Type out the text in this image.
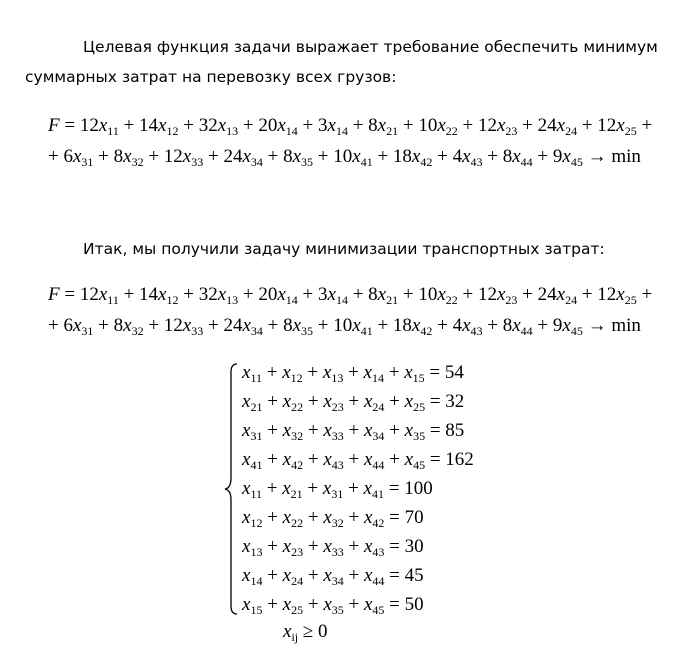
Целевая функция задачи выражает требование обеспечить минимум
суммарных затрат на перевозку всех грузов:
$F = 12x_{11} + 14x_{12} + 32x_{13} + 20x_{14} + 3x_{14} + 8x_{21} + 10x_{22} + 12x_{23} + 24x_{24} + 12x_{25}$ +
+ $6x_{31} + 8x_{32} + 12x_{33} + 24x_{34} + 8x_{35} + 10x_{41} + 18x_{42} + 4x_{43} + 8x_{44} + 9x_{45} \to \min$
Итак, мы получили задачу минимизации транспортных затрат:
$F = 12x_{11} + 14x_{12} + 32x_{13} + 20x_{14} + 3x_{14} + 8x_{21} + 10x_{22} + 12x_{23} + 24x_{24} + 12x_{25}$ +
+ $6x_{31} + 8x_{32} + 12x_{33} + 24x_{34} + 8x_{35} + 10x_{41} + 18x_{42} + 4x_{43} + 8x_{44} + 9x_{45} \to \min$
$x_{11} + x_{12} + x_{13} + x_{14} + x_{15} = 54$
$x_{21} + x_{22} + x_{23} + x_{24} + x_{25} = 32$
$x_{31} + x_{32} + x_{33} + x_{34} + x_{35} = 85$
$x_{41} + x_{42} + x_{43} + x_{44} + x_{45} = 162$
$x_{11} + x_{21} + x_{31} + x_{41} = 100$
$x_{12} + x_{22} + x_{32} + x_{42} = 70$
$x_{13} + x_{23} + x_{33} + x_{43} = 30$
$x_{14} + x_{24} + x_{34} + x_{44} = 45$
$x_{15} + x_{25} + x_{35} + x_{45} = 50$
$x_{ij} \ge 0$
